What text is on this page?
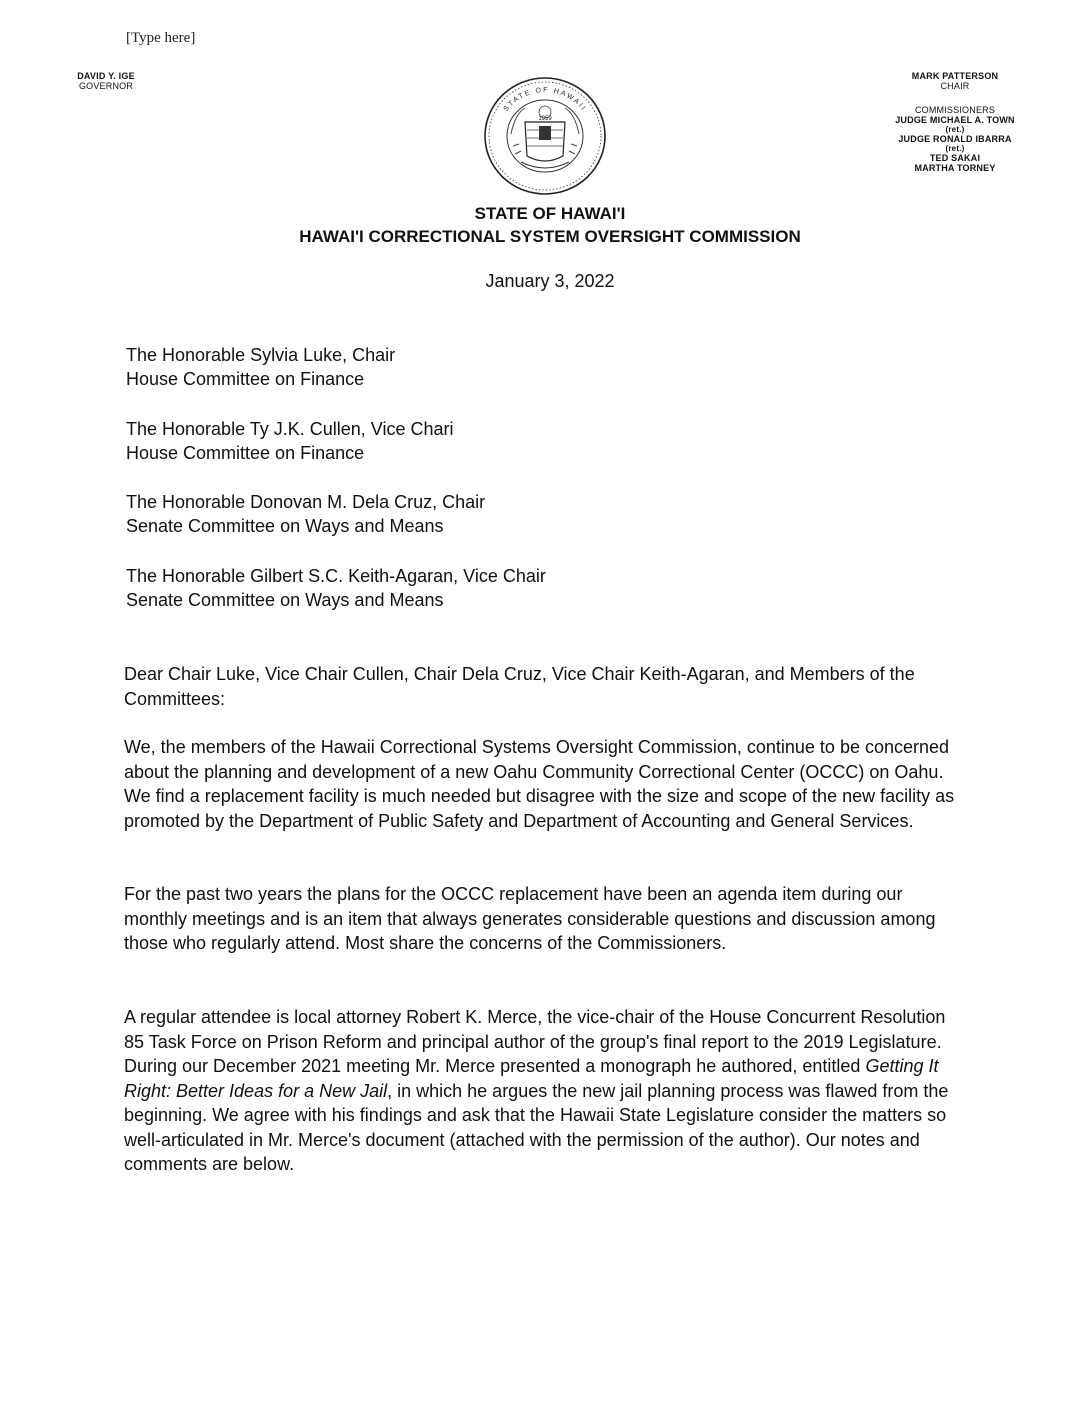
[Type here]
DAVID Y. IGE
GOVERNOR
1959
STATE OF HAWAII
MARK PATTERSON
CHAIR
COMMISSIONERS
JUDGE MICHAEL A. TOWN
(ret.)
JUDGE RONALD IBARRA
(ret.)
TED SAKAI
MARTHA TORNEY
STATE OF HAWAI'I
HAWAI'I CORRECTIONAL SYSTEM OVERSIGHT COMMISSION
January 3, 2022
The Honorable Sylvia Luke, Chair
House Committee on Finance
The Honorable Ty J.K. Cullen, Vice Chari
House Committee on Finance
The Honorable Donovan M. Dela Cruz, Chair
Senate Committee on Ways and Means
The Honorable Gilbert S.C. Keith-Agaran, Vice Chair
Senate Committee on Ways and Means

Dear Chair Luke, Vice Chair Cullen, Chair Dela Cruz, Vice Chair Keith-Agaran, and Members of the Committees:

We, the members of the Hawaii Correctional Systems Oversight Commission, continue to be concerned about the planning and development of a new Oahu Community Correctional Center (OCCC) on Oahu. We find a replacement facility is much needed but disagree with the size and scope of the new facility as promoted by the Department of Public Safety and Department of Accounting and General Services.

For the past two years the plans for the OCCC replacement have been an agenda item during our monthly meetings and is an item that always generates considerable questions and discussion among those who regularly attend. Most share the concerns of the Commissioners.

A regular attendee is local attorney Robert K. Merce, the vice-chair of the House Concurrent Resolution 85 Task Force on Prison Reform and principal author of the group's final report to the 2019 Legislature. During our December 2021 meeting Mr. Merce presented a monograph he authored, entitled Getting It Right: Better Ideas for a New Jail, in which he argues the new jail planning process was flawed from the beginning. We agree with his findings and ask that the Hawaii State Legislature consider the matters so well-articulated in Mr. Merce's document (attached with the permission of the author). Our notes and comments are below.
